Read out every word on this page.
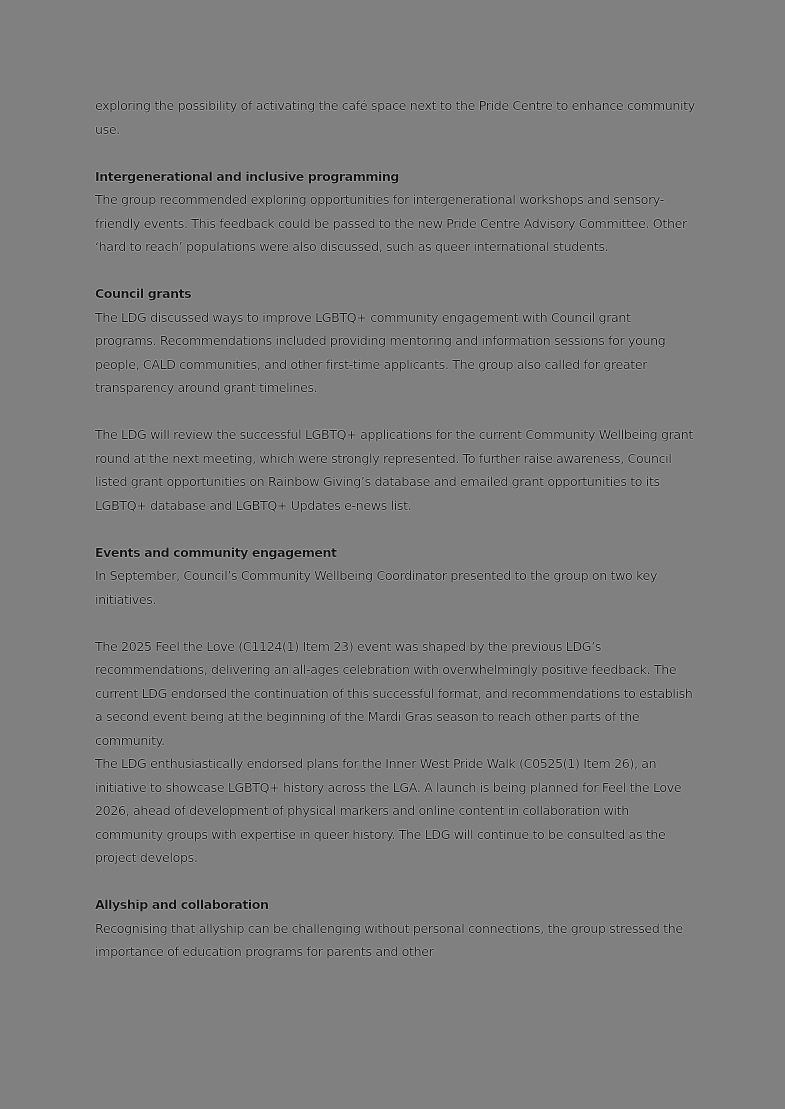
exploring the possibility of activating the café space next to the Pride Centre to enhance community use.

Intergenerational and inclusive programming

The group recommended exploring opportunities for intergenerational workshops and sensory-friendly events. This feedback could be passed to the new Pride Centre Advisory Committee. Other ‘hard to reach’ populations were also discussed, such as queer international students.

Council grants

The LDG discussed ways to improve LGBTQ+ community engagement with Council grant programs. Recommendations included providing mentoring and information sessions for young people, CALD communities, and other first-time applicants. The group also called for greater transparency around grant timelines.

The LDG will review the successful LGBTQ+ applications for the current Community Wellbeing grant round at the next meeting, which were strongly represented. To further raise awareness, Council listed grant opportunities on Rainbow Giving’s database and emailed grant opportunities to its LGBTQ+ database and LGBTQ+ Updates e-news list.

Events and community engagement

In September, Council’s Community Wellbeing Coordinator presented to the group on two key initiatives.

The 2025 Feel the Love (C1124(1) Item 23) event was shaped by the previous LDG’s recommendations, delivering an all-ages celebration with overwhelmingly positive feedback. The current LDG endorsed the continuation of this successful format, and recommendations to establish a second event being at the beginning of the Mardi Gras season to reach other parts of the community.

The LDG enthusiastically endorsed plans for the Inner West Pride Walk (C0525(1) Item 26), an initiative to showcase LGBTQ+ history across the LGA. A launch is being planned for Feel the Love 2026, ahead of development of physical markers and online content in collaboration with community groups with expertise in queer history. The LDG will continue to be consulted as the project develops.

Allyship and collaboration

Recognising that allyship can be challenging without personal connections, the group stressed the importance of education programs for parents and other
